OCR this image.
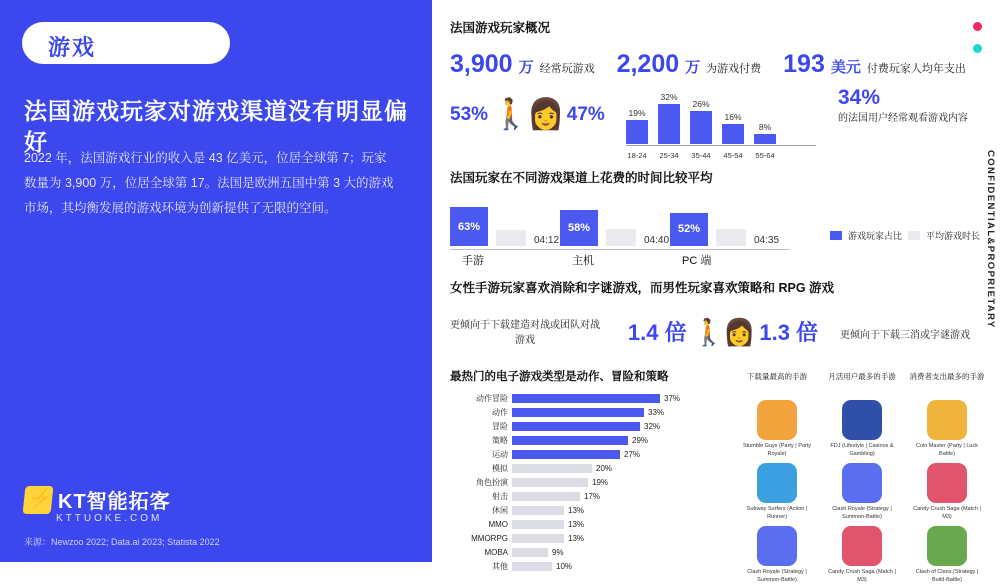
游戏
法国游戏玩家对游戏渠道没有明显偏好
2022 年，法国游戏行业的收入是 43 亿美元，位居全球第 7；玩家数量为 3,900 万，位居全球第 17。法国是欧洲五国中第 3 大的游戏市场，其均衡发展的游戏环境为创新提供了无限的空间。
⚡
KT智能拓客
KTTUOKE.COM
来源：Newzoo 2022; Data.ai 2023; Statista 2022
CONFIDENTIAL&PROPRIETARY
法国游戏玩家概况
3,900 万 经常玩游戏 2,200 万 为游戏付费 193 美元 付费玩家人均年支出
53% 🚶👩 47%	19%
32%
26%
16%
8%
18-24 25-34 35-44 45-54 55-64
34%
的法国用户经常观看游戏内容
法国玩家在不同游戏渠道上花费的时间比较平均
游戏玩家占比	平均游戏时长
63%
04:12
手游
58%
04:40
主机
52%
04:35
PC 端
女性手游玩家喜欢消除和字谜游戏，而男性玩家喜欢策略和 RPG 游戏
更倾向于下载建造对战或团队对战游戏	1.4 倍 🚶👩 1.3 倍	更倾向于下载三消或字谜游戏
最热门的电子游戏类型是动作、冒险和策略
动作冒险	37%
动作	33%
冒险	32%
策略	29%
运动	27%
模拟	20%
角色扮演	19%
射击	17%
休闲	13%
MMO	13%
MMORPG	13%
MOBA	9%
其他	10%
下载量最高的手游
Stumble Guys (Party | Party Royale)
Subway Surfers (Action | Runner)
Clash Royale (Strategy | Summon-Battle)
月活用户最多的手游
FDJ (Lifestyle | Casinos & Gambling)
Clash Royale (Strategy | Summon-Battle)
Candy Crush Saga (Match | M3)
消费者支出最多的手游
Coin Master (Party | Luck Battle)
Candy Crush Saga (Match | M3)
Clash of Clans (Strategy | Build-Battle)
